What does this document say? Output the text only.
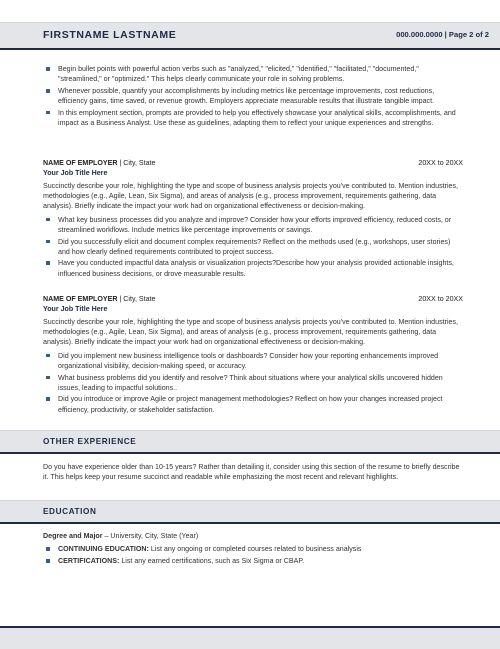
FIRSTNAME LASTNAME	000.000.0000 | Page 2 of 2
Begin bullet points with powerful action verbs such as "analyzed," "elicited," "identified," "facilitated," "documented," "streamlined," or "optimized." This helps clearly communicate your role in solving problems.
Whenever possible, quantify your accomplishments by including metrics like percentage improvements, cost reductions, efficiency gains, time saved, or revenue growth. Employers appreciate measurable results that illustrate tangible impact.
In this employment section, prompts are provided to help you effectively showcase your analytical skills, accomplishments, and impact as a Business Analyst. Use these as guidelines, adapting them to reflect your unique experiences and strengths.
NAME OF EMPLOYER | City, State	20XX to 20XX
Your Job Title Here
Succinctly describe your role, highlighting the type and scope of business analysis projects you've contributed to. Mention industries, methodologies (e.g., Agile, Lean, Six Sigma), and areas of analysis (e.g., process improvement, requirements gathering, data analysis). Briefly indicate the impact your work had on organizational effectiveness or decision-making.
What key business processes did you analyze and improve? Consider how your efforts improved efficiency, reduced costs, or streamlined workflows. Include metrics like percentage improvements or savings.
Did you successfully elicit and document complex requirements? Reflect on the methods used (e.g., workshops, user stories) and how clearly defined requirements contributed to project success.
Have you conducted impactful data analysis or visualization projects?Describe how your analysis provided actionable insights, influenced business decisions, or drove measurable results.
NAME OF EMPLOYER | City, State	20XX to 20XX
Your Job Title Here
Succinctly describe your role, highlighting the type and scope of business analysis projects you've contributed to. Mention industries, methodologies (e.g., Agile, Lean, Six Sigma), and areas of analysis (e.g., process improvement, requirements gathering, data analysis). Briefly indicate the impact your work had on organizational effectiveness or decision-making.
Did you implement new business intelligence tools or dashboards? Consider how your reporting enhancements improved organizational visibility, decision-making speed, or accuracy.
What business problems did you identify and resolve? Think about situations where your analytical skills uncovered hidden issues, leading to impactful solutions..
Did you introduce or improve Agile or project management methodologies? Reflect on how your changes increased project efficiency, productivity, or stakeholder satisfaction.
OTHER EXPERIENCE
Do you have experience older than 10-15 years? Rather than detailing it, consider using this section of the resume to briefly describe it. This helps keep your resume succinct and readable while emphasizing the most recent and relevant highlights.
EDUCATION
Degree and Major – University, City, State (Year)
CONTINUING EDUCATION: List any ongoing or completed courses related to business analysis
CERTIFICATIONS: List any earned certifications, such as Six Sigma or CBAP.
